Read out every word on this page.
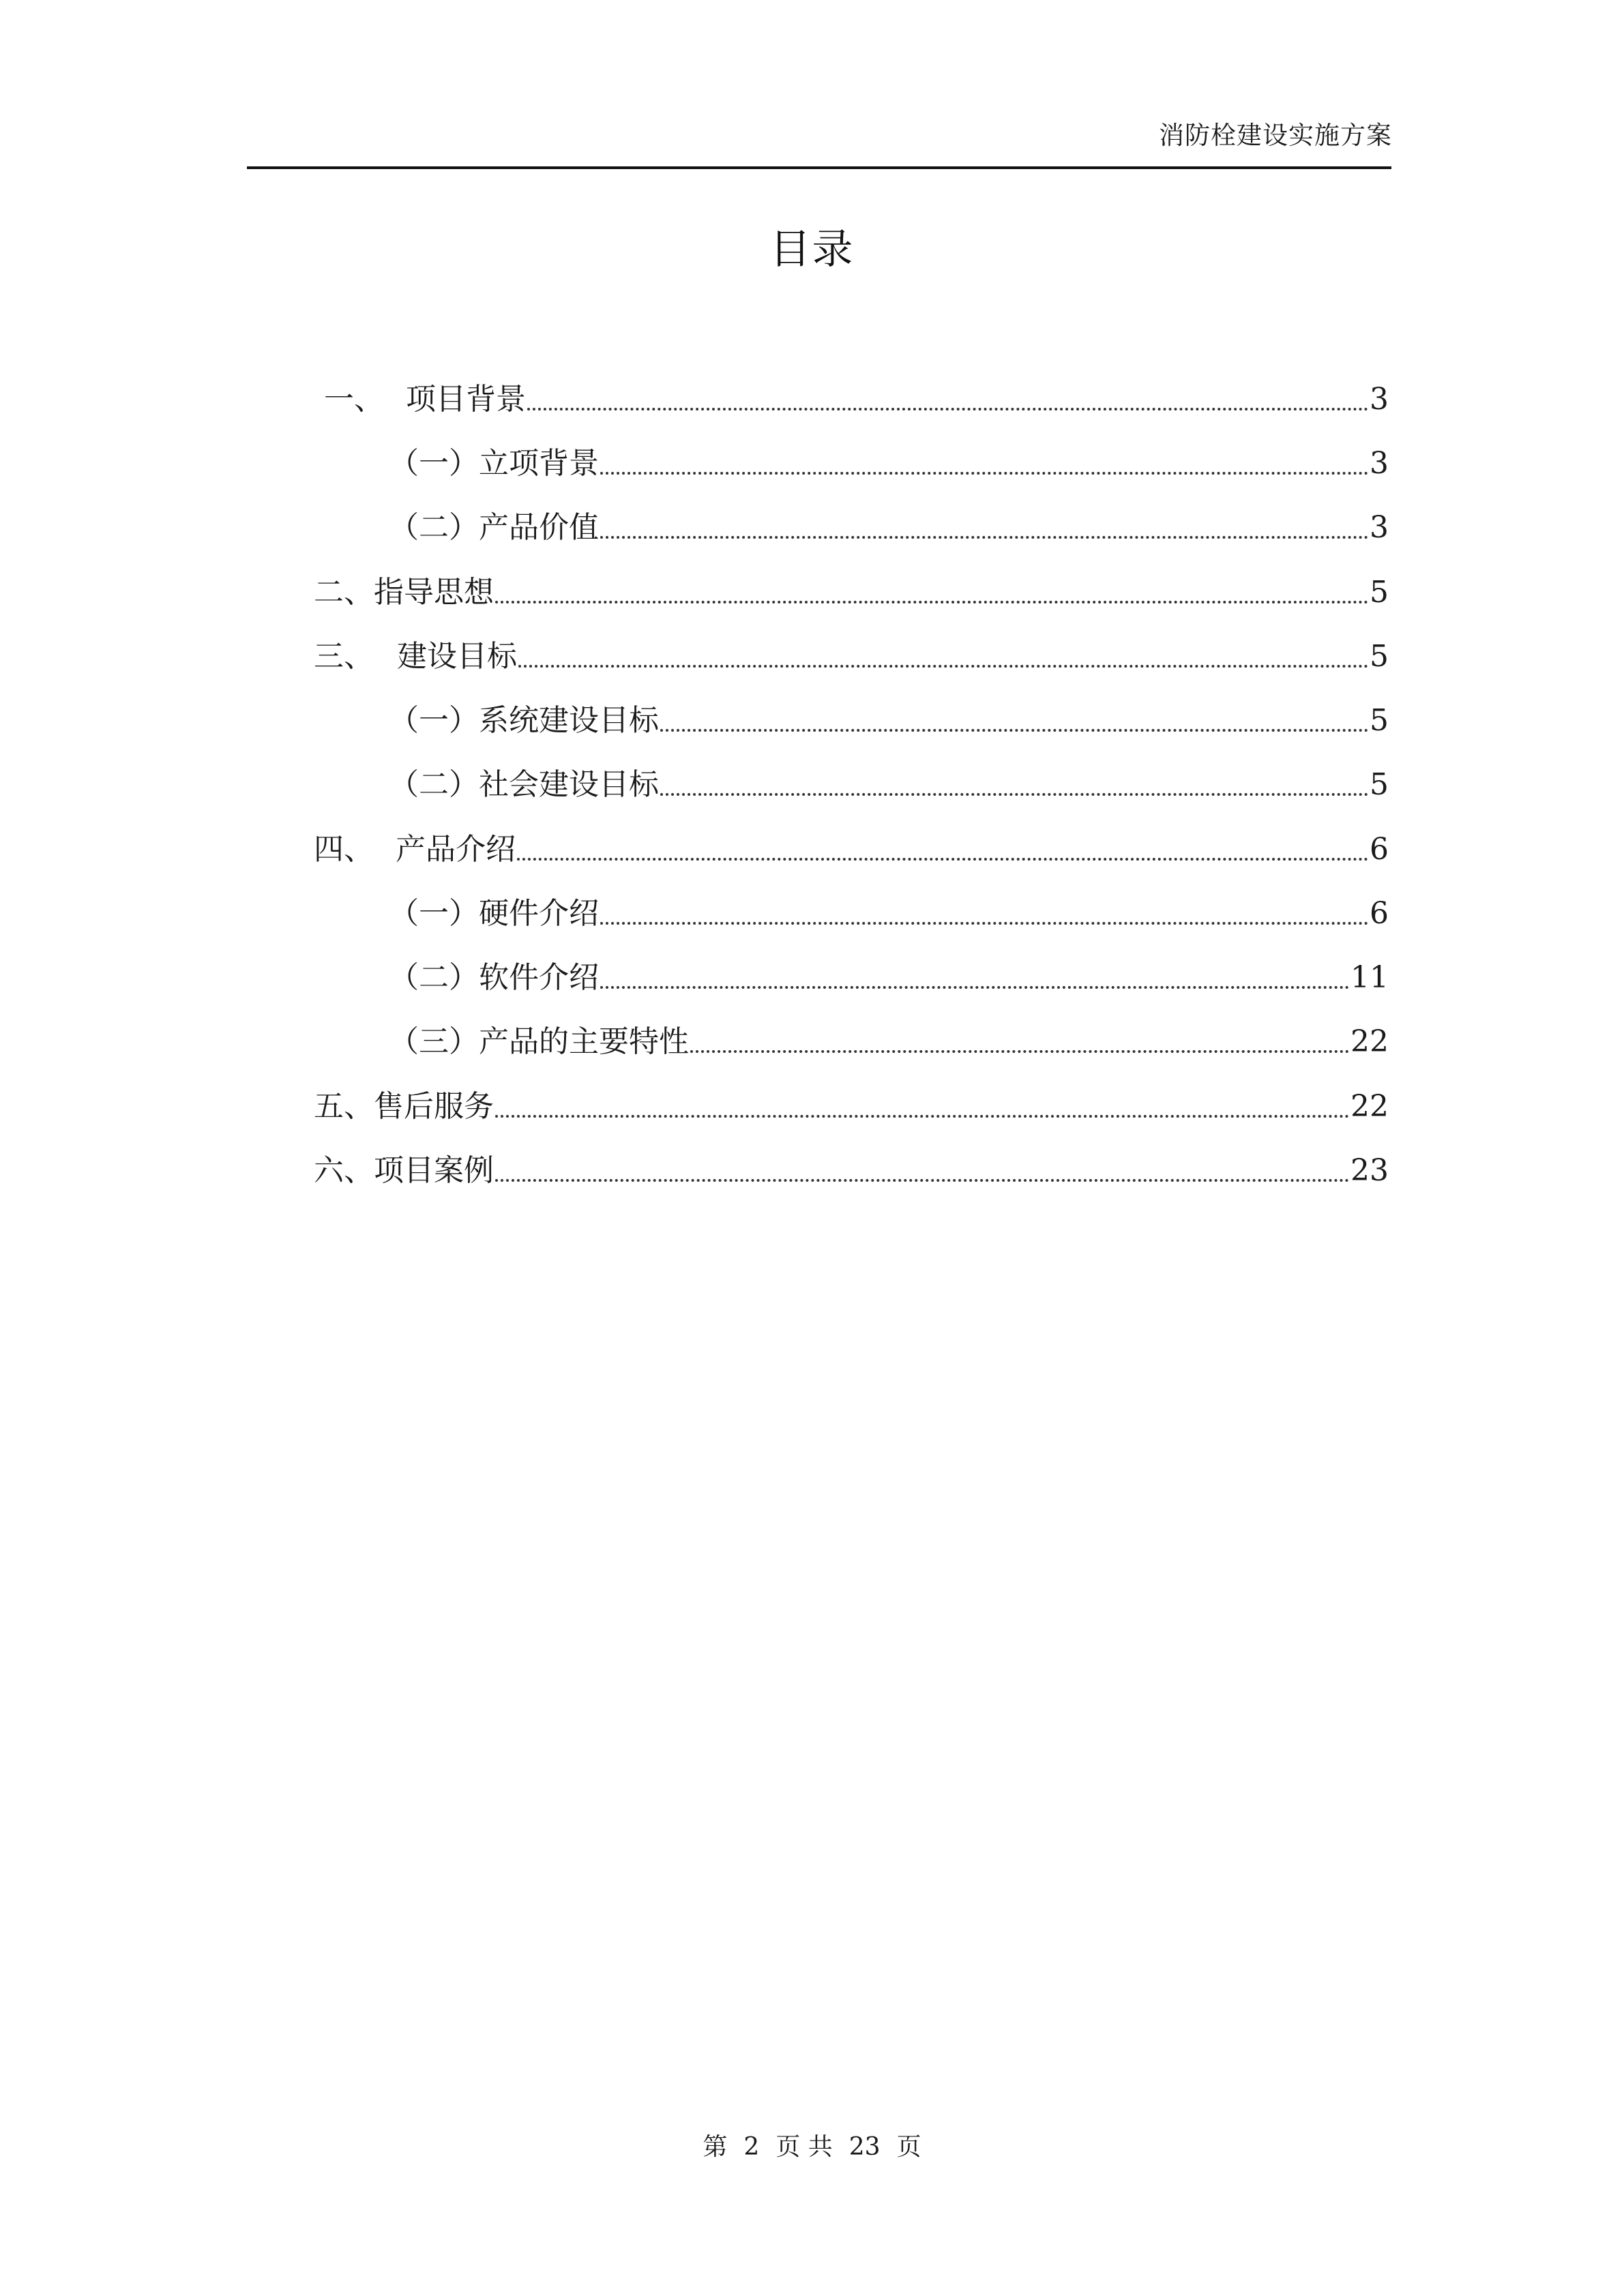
消防栓建设实施方案
目录
一、 项目背景	3
（一） 立项背景	3
（二） 产品价值	3
二、 指导思想	5
三、 建设目标	5
（一） 系统建设目标	5
（二） 社会建设目标	5
四、 产品介绍	6
（一） 硬件介绍	6
（二） 软件介绍	11
（三） 产品的主要特性	22
五、 售后服务	22
六、 项目案例	23
第 2 页 共 23 页
